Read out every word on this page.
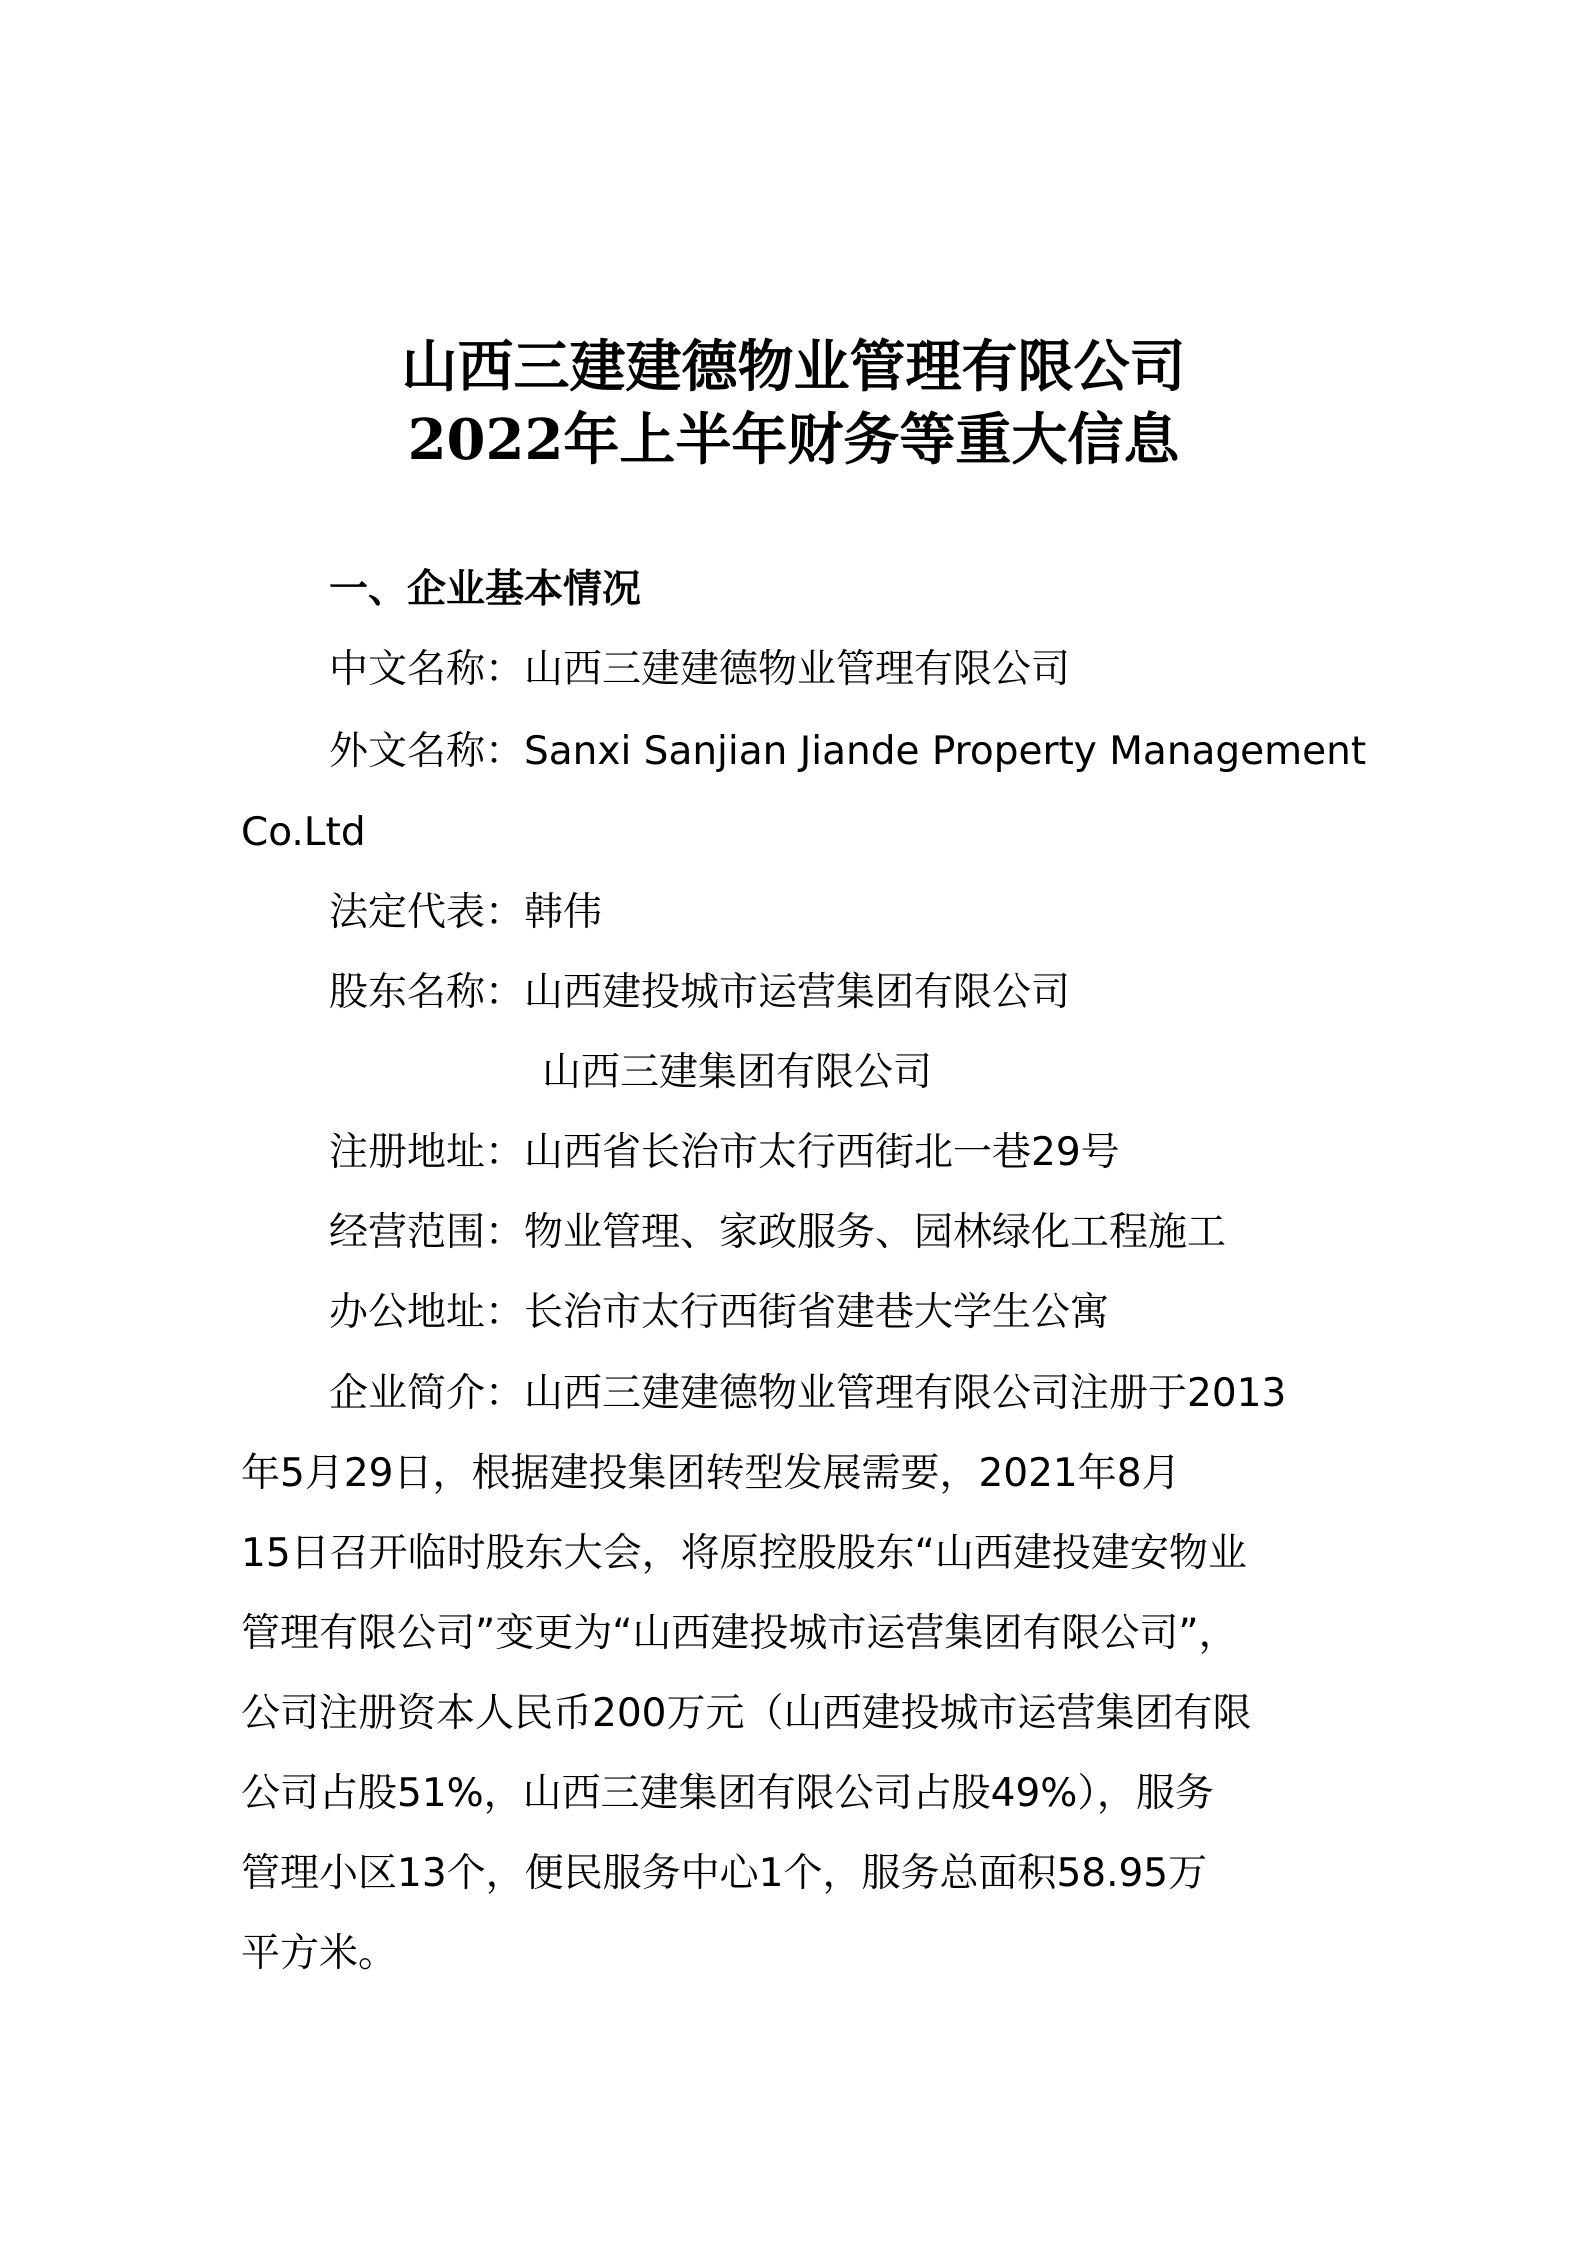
山西三建建德物业管理有限公司
2022年上半年财务等重大信息
一、企业基本情况
中文名称：山西三建建德物业管理有限公司
外文名称：Sanxi Sanjian Jiande Property Management
Co.Ltd
法定代表：韩伟
股东名称：山西建投城市运营集团有限公司
山西三建集团有限公司
注册地址：山西省长治市太行西街北一巷29号
经营范围：物业管理、家政服务、园林绿化工程施工
办公地址：长治市太行西街省建巷大学生公寓
企业简介：山西三建建德物业管理有限公司注册于2013
年5月29日，根据建投集团转型发展需要，2021年8月
15日召开临时股东大会，将原控股股东“山西建投建安物业
管理有限公司”变更为“山西建投城市运营集团有限公司”，
公司注册资本人民币200万元（山西建投城市运营集团有限
公司占股51%，山西三建集团有限公司占股49%），服务
管理小区13个，便民服务中心1个，服务总面积58.95万
平方米。
